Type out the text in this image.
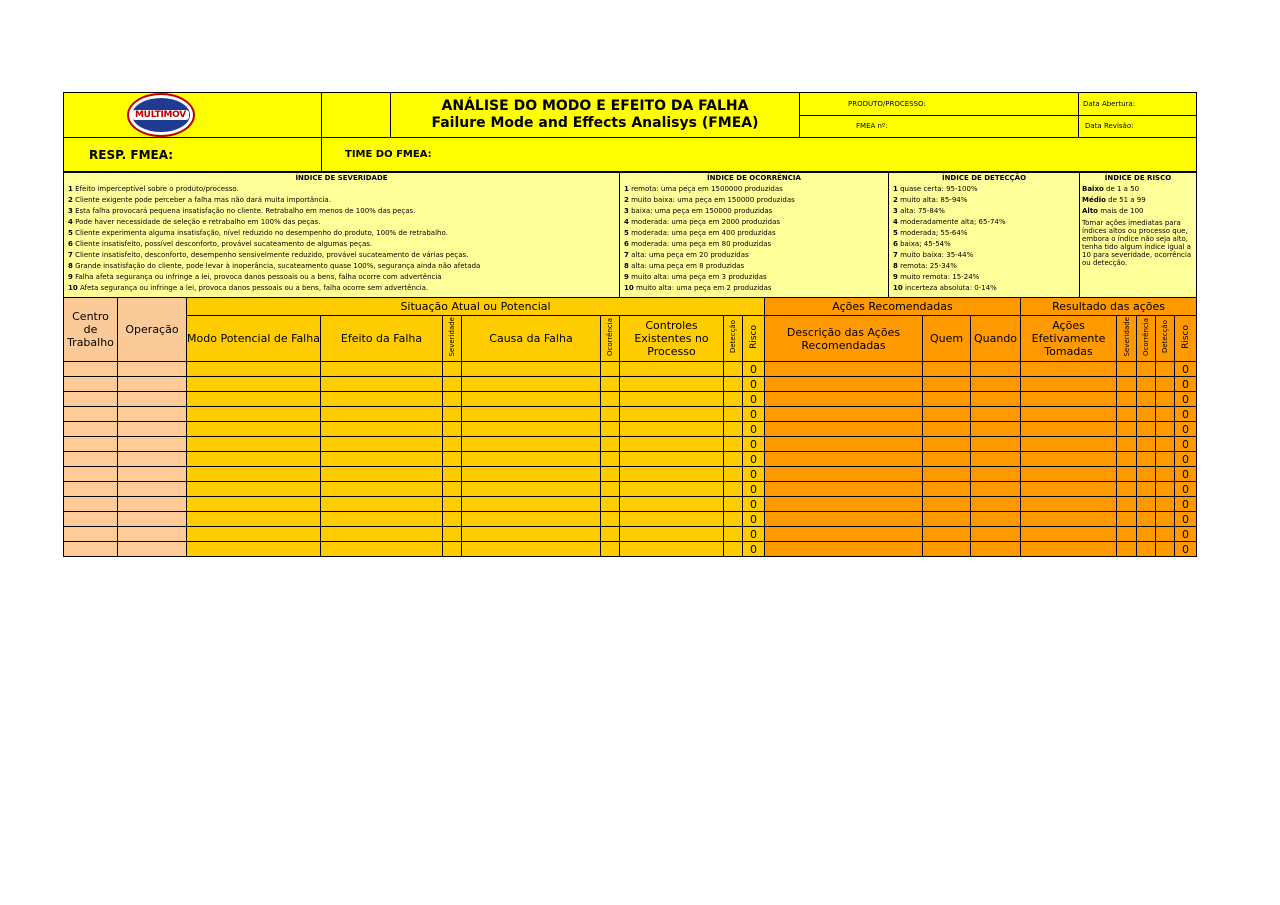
MULTIMOV		ANÁLISE DO MODO E EFEITO DA FALHA
Failure Mode and Effects Analisys (FMEA)	PRODUTO/PROCESSO:	Data Abertura:
			FMEA nº:	Data Revisão:
RESP. FMEA:	TIME DO FMEA:			
ÍNDICE DE SEVERIDADE
1 Efeito imperceptível sobre o produto/processo.
2 Cliente exigente pode perceber a falha mas não dará muita importância.
3 Esta falha provocará pequena insatisfação no cliente. Retrabalho em menos de 100% das peças.
4 Pode haver necessidade de seleção e retrabalho em 100% das peças.
5 Cliente experimenta alguma insatisfação, nível reduzido no desempenho do produto, 100% de retrabalho.
6 Cliente insatisfeito, possível desconforto, provável sucateamento de algumas peças.
7 Cliente insatisfeito, desconforto, desempenho sensivelmente reduzido, provável sucateamento de várias peças.
8 Grande insatisfação do cliente, pode levar à inoperância, sucateamento quase 100%, segurança ainda não afetada
9 Falha afeta segurança ou infringe a lei, provoca danos pessoais ou a bens, falha ocorre com advertência
10 Afeta segurança ou infringe a lei, provoca danos pessoais ou a bens, falha ocorre sem advertência.

ÍNDICE DE OCORRÊNCIA
1 remota: uma peça em 1500000 produzidas
2 muito baixa: uma peça em 150000 produzidas
3 baixa: uma peça em 150000 produzidas
4 moderada: uma peça em 2000 produzidas
5 moderada: uma peça em 400 produzidas
6 moderada: uma peça em 80 produzidas
7 alta: uma peça em 20 produzidas
8 alta: uma peça em 8 produzidas
9 muito alta: uma peça em 3 produzidas
10 muito alta: uma peça em 2 produzidas

ÍNDICE DE DETECÇÃO
1 quase certa: 95-100%
2 muito alta: 85-94%
3 alta: 75-84%
4 moderadamente alta; 65-74%
5 moderada; 55-64%
6 baixa; 45-54%
7 muito baixa: 35-44%
8 remota: 25-34%
9 muito remota: 15-24%
10 incerteza absoluta: 0-14%

ÍNDICE DE RISCO
Baixo de 1 a 50
Médio de 51 a 99
Alto mais de 100
Tomar ações imediatas para índices altos ou processo que, embora o índice não seja alto, tenha tido algum índice igual a 10 para severidade, ocorrência ou detecção.
Centro de Trabalho	Operação	Situação Atual ou Potencial								Ações Recomendadas			Resultado das ações				
		Modo Potencial de Falha	Efeito da Falha	Severidade	Causa da Falha	Ocorrência	Controles Existentes no Processo	Detecção	Risco	Descrição das Ações Recomendadas	Quem	Quando	Ações Efetivamente Tomadas	Severidade	Ocorrência	Detecção	Risco
									0								0
									0								0
									0								0
									0								0
									0								0
									0								0
									0								0
									0								0
									0								0
									0								0
									0								0
									0								0
									0								0
